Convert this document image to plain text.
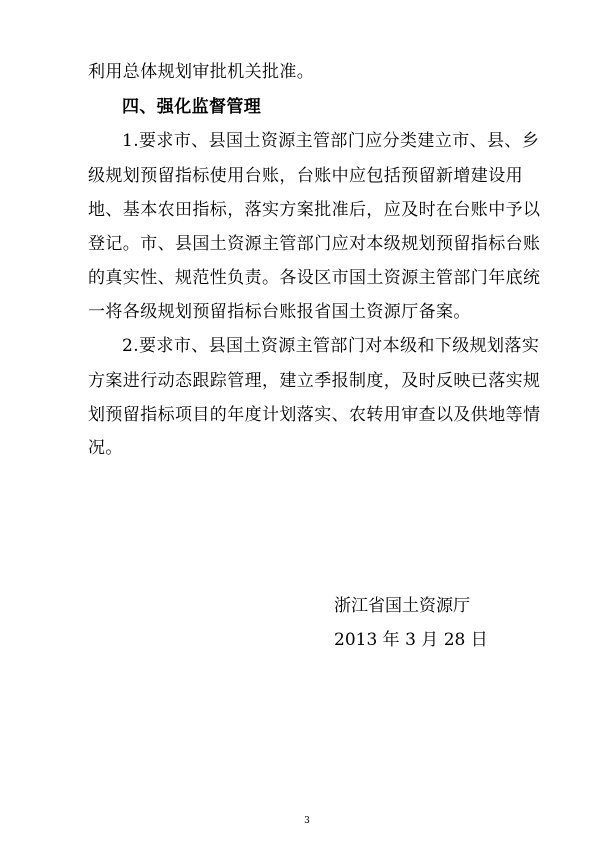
利用总体规划审批机关批准。
四、强化监督管理
1.要求市、县国土资源主管部门应分类建立市、县、乡
级规划预留指标使用台账，台账中应包括预留新增建设用
地、基本农田指标，落实方案批准后，应及时在台账中予以
登记。市、县国土资源主管部门应对本级规划预留指标台账
的真实性、规范性负责。各设区市国土资源主管部门年底统
一将各级规划预留指标台账报省国土资源厅备案。
2.要求市、县国土资源主管部门对本级和下级规划落实
方案进行动态跟踪管理，建立季报制度，及时反映已落实规
划预留指标项目的年度计划落实、农转用审查以及供地等情
况。
浙江省国土资源厅
2013 年 3 月 28 日
3
